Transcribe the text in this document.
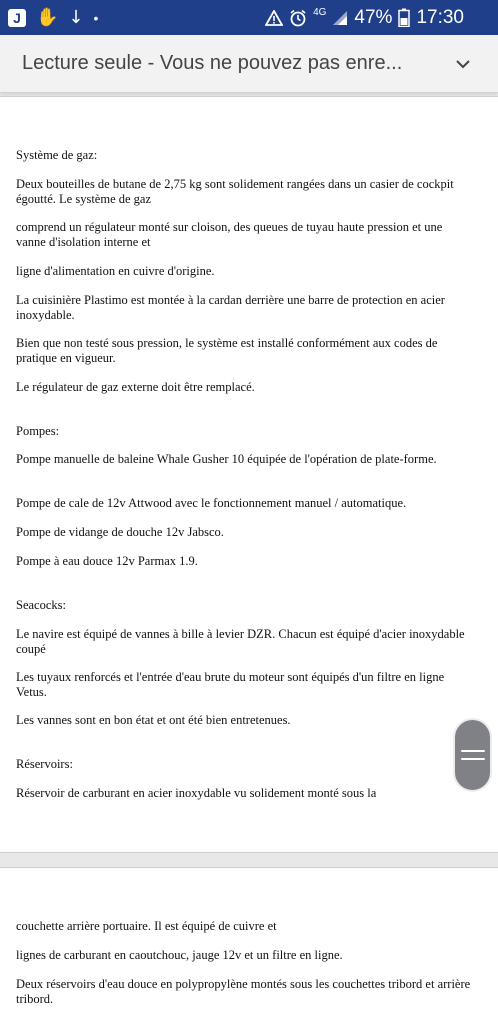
J ✋ ↓ •	4G 47% 17:30
Lecture seule - Vous ne pouvez pas enre...
Système de gaz:
Deux bouteilles de butane de 2,75 kg sont solidement rangées dans un casier de cockpit égoutté. Le système de gaz
comprend un régulateur monté sur cloison, des queues de tuyau haute pression et une vanne d'isolation interne et
ligne d'alimentation en cuivre d'origine.
La cuisinière Plastimo est montée à la cardan derrière une barre de protection en acier inoxydable.
Bien que non testé sous pression, le système est installé conformément aux codes de pratique en vigueur.
Le régulateur de gaz externe doit être remplacé.
Pompes:
Pompe manuelle de baleine Whale Gusher 10 équipée de l'opération de plate-forme.
Pompe de cale de 12v Attwood avec le fonctionnement manuel / automatique.
Pompe de vidange de douche 12v Jabsco.
Pompe à eau douce 12v Parmax 1.9.
Seacocks:
Le navire est équipé de vannes à bille à levier DZR. Chacun est équipé d'acier inoxydable coupé
Les tuyaux renforcés et l'entrée d'eau brute du moteur sont équipés d'un filtre en ligne Vetus.
Les vannes sont en bon état et ont été bien entretenues.
Réservoirs:
Réservoir de carburant en acier inoxydable vu solidement monté sous la
couchette arrière portuaire. Il est équipé de cuivre et
lignes de carburant en caoutchouc, jauge 12v et un filtre en ligne.
Deux réservoirs d'eau douce en polypropylène montés sous les couchettes tribord et arrière tribord.
